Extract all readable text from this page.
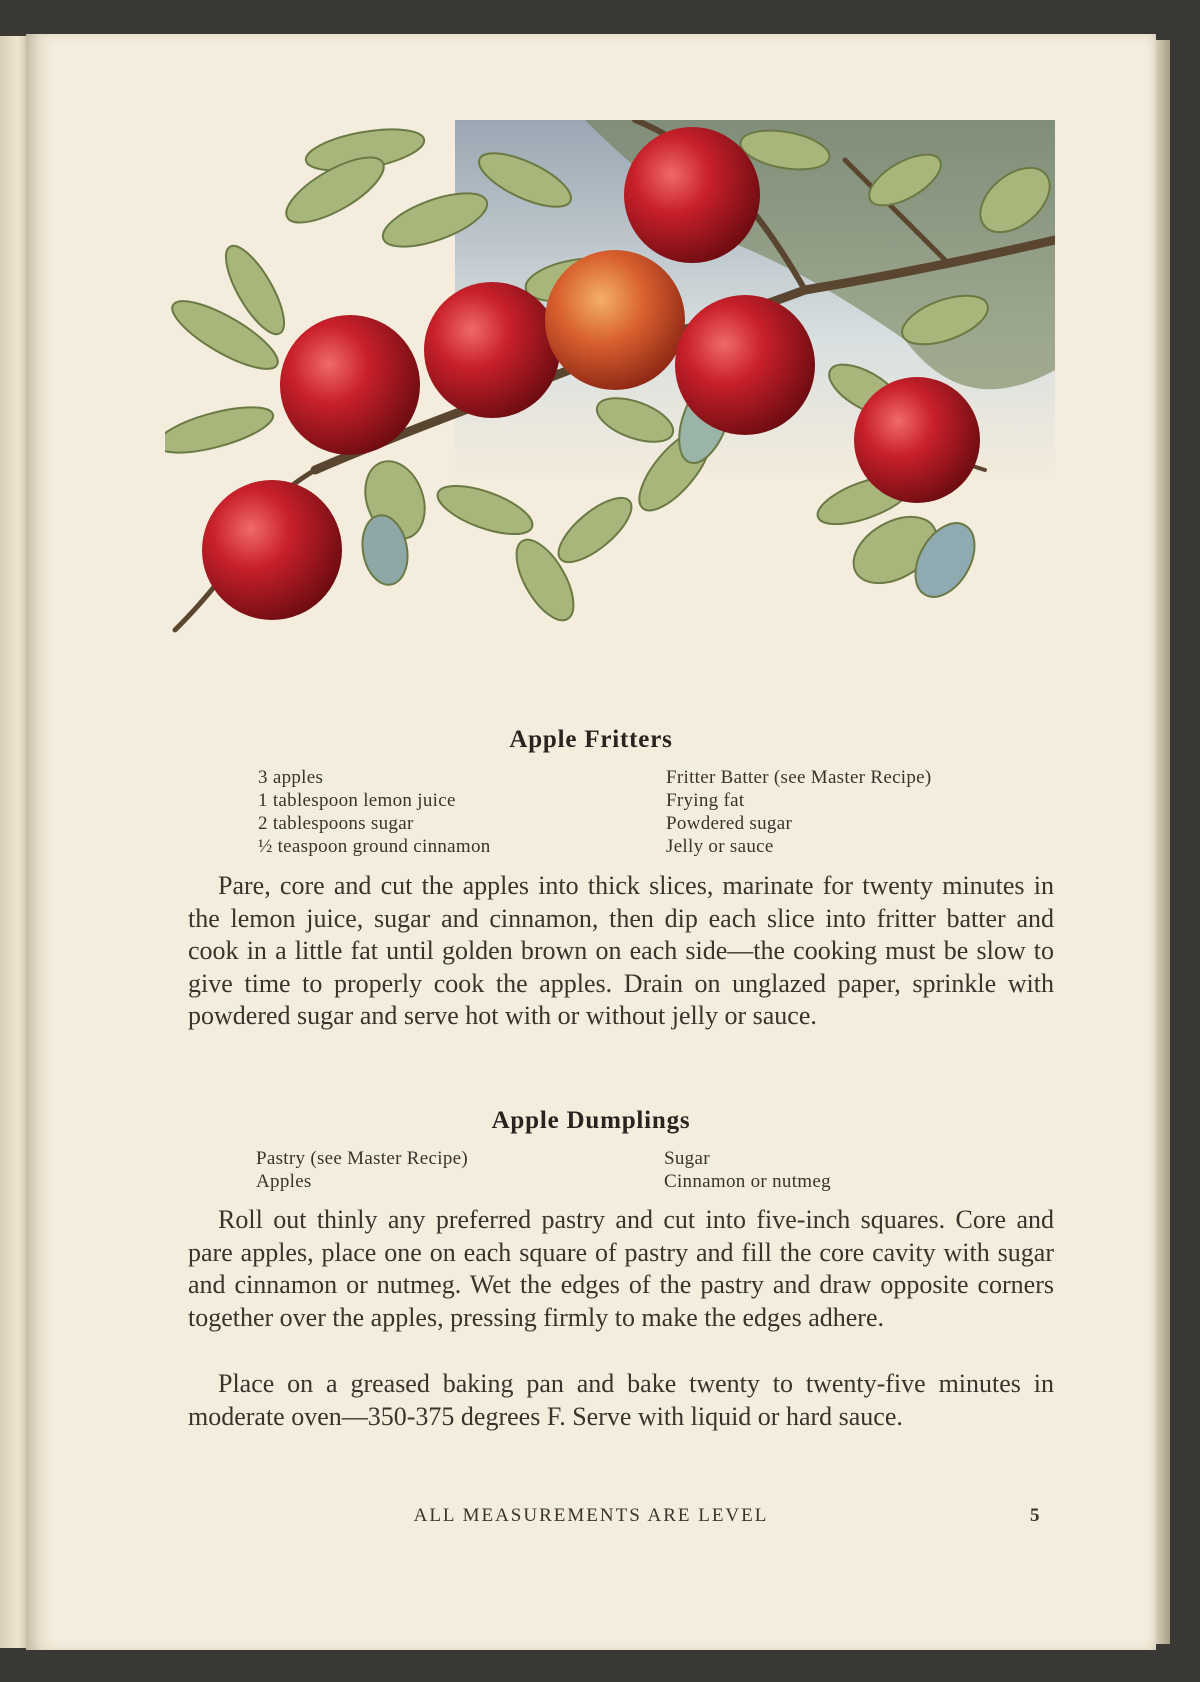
Apple Fritters
3 apples
1 tablespoon lemon juice
2 tablespoons sugar
½ teaspoon ground cinnamon
Fritter Batter (see Master Recipe)
Frying fat
Powdered sugar
Jelly or sauce

Pare, core and cut the apples into thick slices, marinate for twenty minutes in the lemon juice, sugar and cinnamon, then dip each slice into fritter batter and cook in a little fat until golden brown on each side—the cooking must be slow to give time to properly cook the apples. Drain on unglazed paper, sprinkle with powdered sugar and serve hot with or without jelly or sauce.

Apple Dumplings
Pastry (see Master Recipe)
Apples
Sugar
Cinnamon or nutmeg

Roll out thinly any preferred pastry and cut into five-inch squares. Core and pare apples, place one on each square of pastry and fill the core cavity with sugar and cinnamon or nutmeg. Wet the edges of the pastry and draw opposite corners together over the apples, pressing firmly to make the edges adhere.

Place on a greased baking pan and bake twenty to twenty-five minutes in moderate oven—350-375 degrees F. Serve with liquid or hard sauce.

ALL MEASUREMENTS ARE LEVEL	5
